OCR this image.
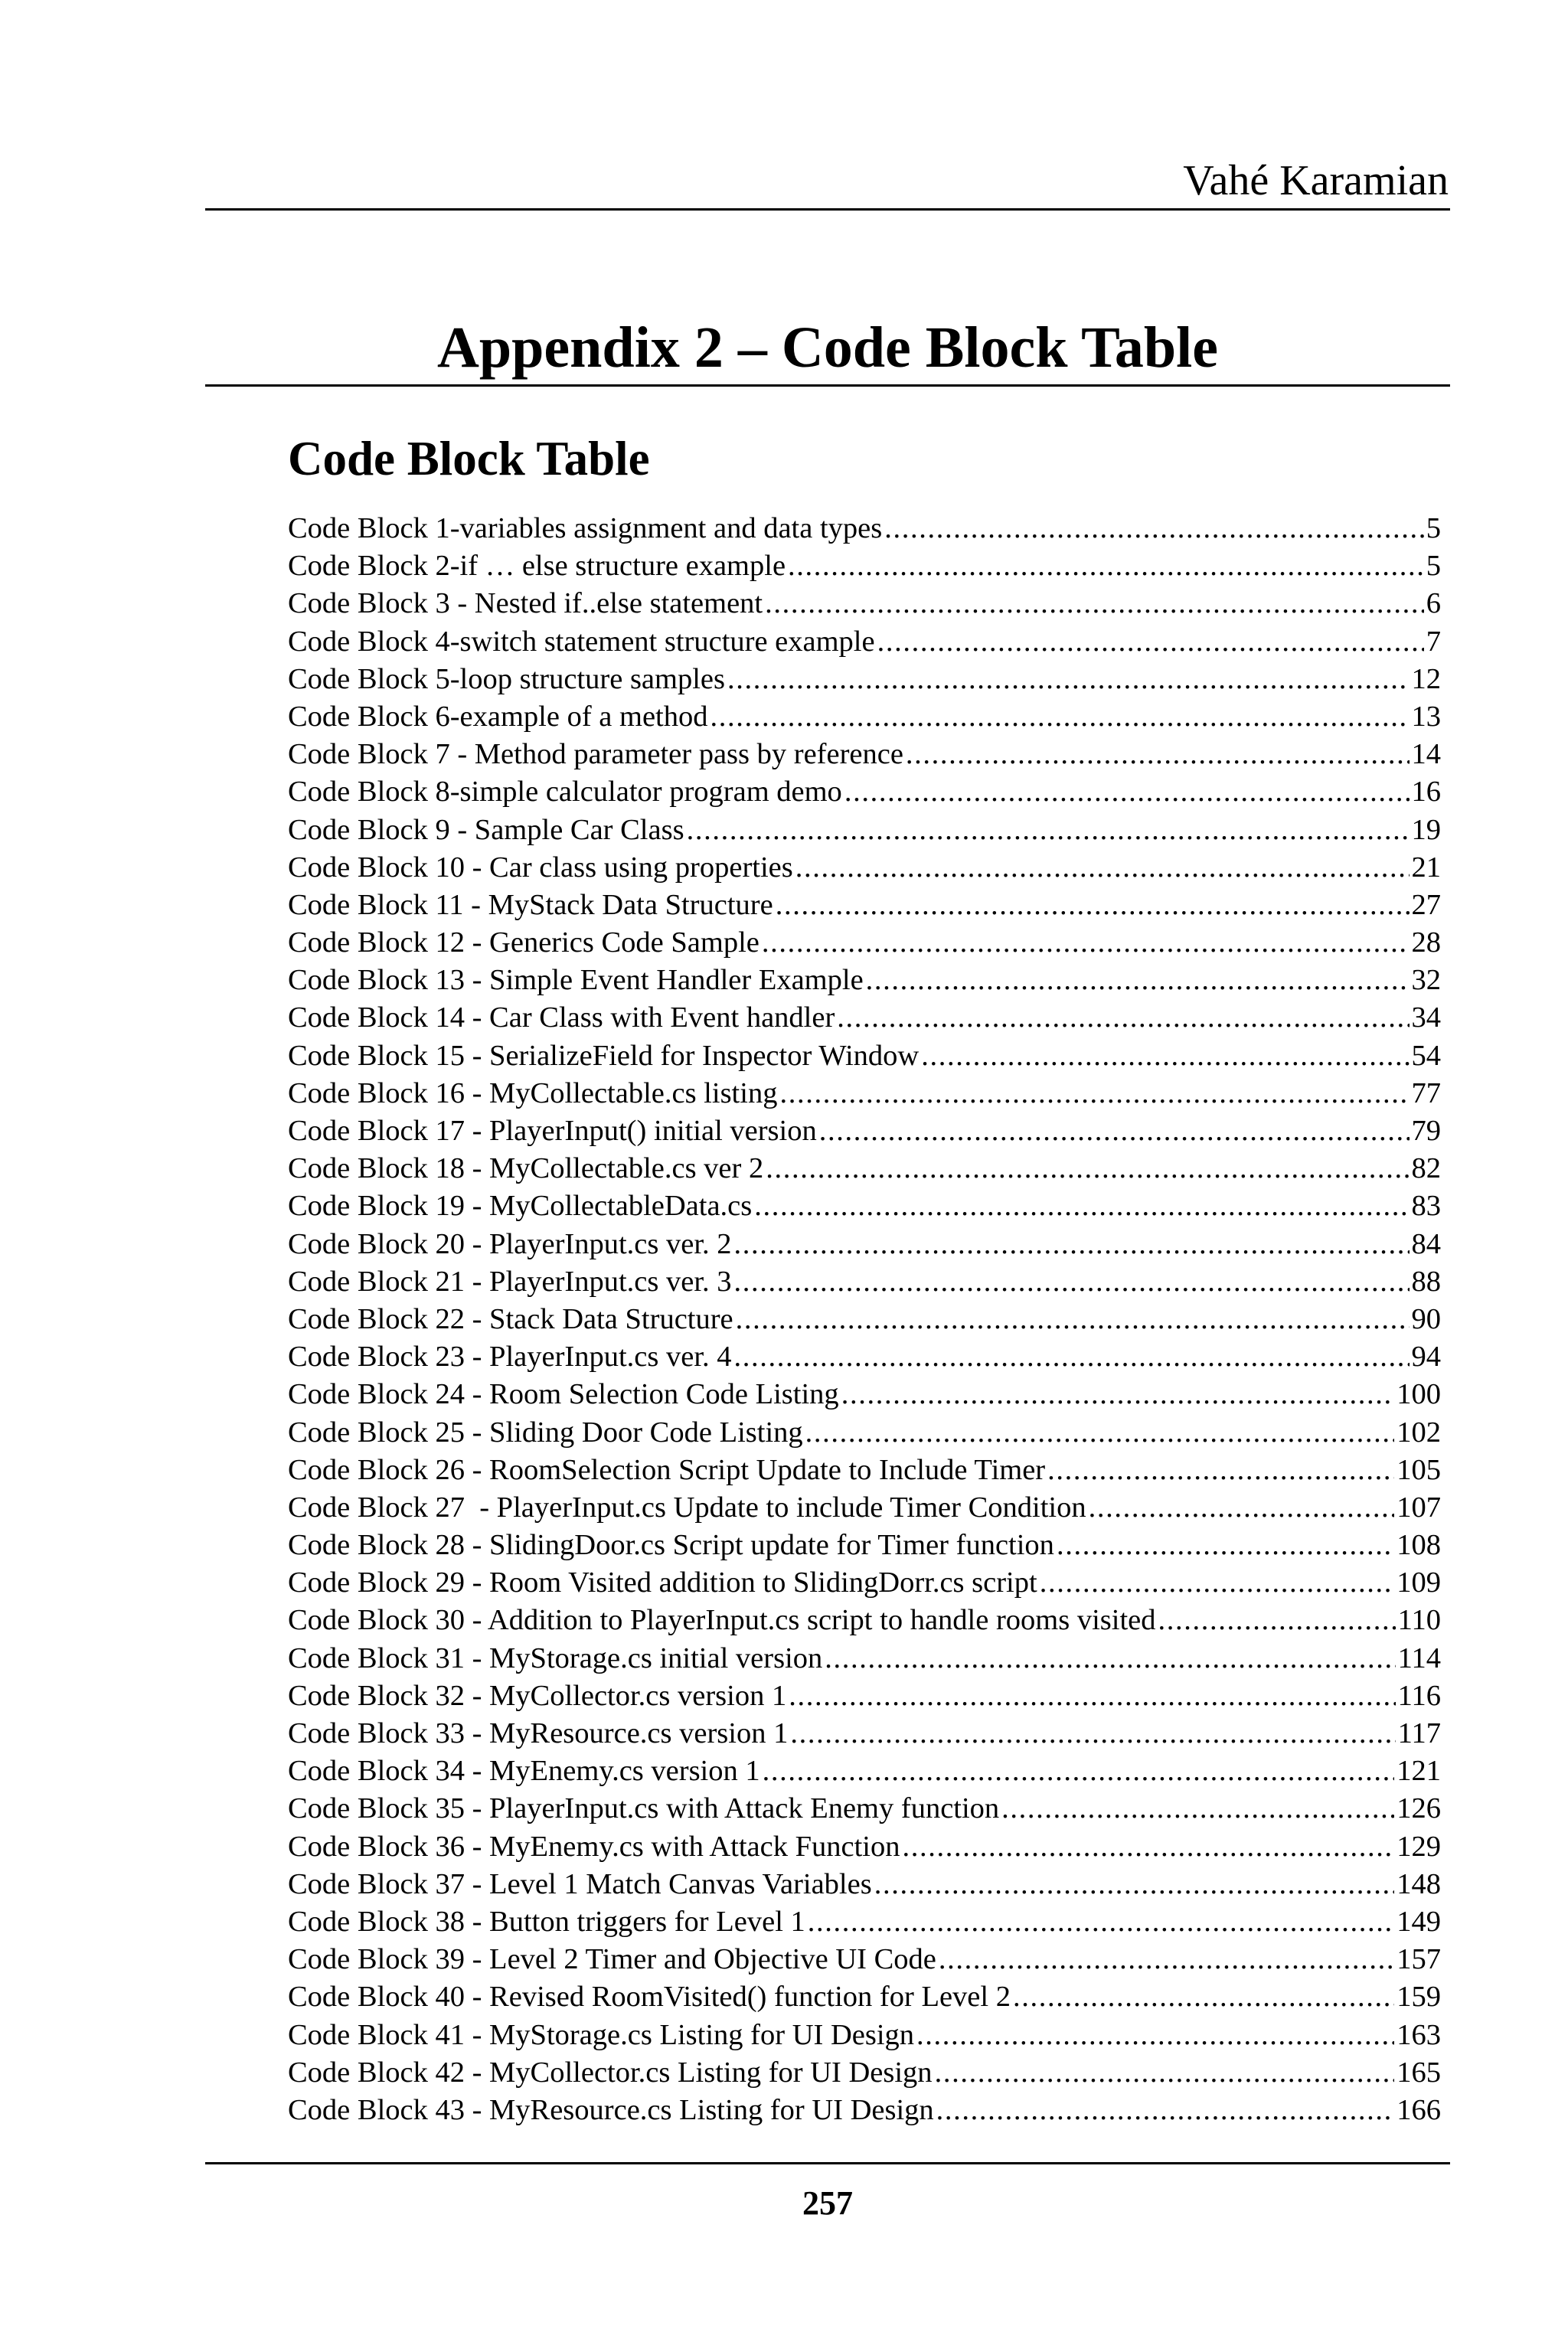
Vahé Karamian
Appendix 2 – Code Block Table
Code Block Table
Code Block 1-variables assignment and data types . . .	5
Code Block 2-if … else structure example . . .	5
Code Block 3 - Nested if..else statement . . .	6
Code Block 4-switch statement structure example . . .	7
Code Block 5-loop structure samples . . .	12
Code Block 6-example of a method . . .	13
Code Block 7 - Method parameter pass by reference . . .	14
Code Block 8-simple calculator program demo . . .	16
Code Block 9 - Sample Car Class . . .	19
Code Block 10 - Car class using properties . . .	21
Code Block 11 - MyStack Data Structure . . .	27
Code Block 12 - Generics Code Sample . . .	28
Code Block 13 - Simple Event Handler Example . . .	32
Code Block 14 - Car Class with Event handler . . .	34
Code Block 15 - SerializeField for Inspector Window . . .	54
Code Block 16 - MyCollectable.cs listing . . .	77
Code Block 17 - PlayerInput() initial version . . .	79
Code Block 18 - MyCollectable.cs ver 2 . . .	82
Code Block 19 - MyCollectableData.cs . . .	83
Code Block 20 - PlayerInput.cs ver. 2 . . .	84
Code Block 21 - PlayerInput.cs ver. 3 . . .	88
Code Block 22 - Stack Data Structure . . .	90
Code Block 23 - PlayerInput.cs ver. 4 . . .	94
Code Block 24 - Room Selection Code Listing . . .	100
Code Block 25 - Sliding Door Code Listing . . .	102
Code Block 26 - RoomSelection Script Update to Include Timer . . .	105
Code Block 27  - PlayerInput.cs Update to include Timer Condition . . .	107
Code Block 28 - SlidingDoor.cs Script update for Timer function . . .	108
Code Block 29 - Room Visited addition to SlidingDorr.cs script . . .	109
Code Block 30 - Addition to PlayerInput.cs script to handle rooms visited . . .	110
Code Block 31 - MyStorage.cs initial version . . .	114
Code Block 32 - MyCollector.cs version 1 . . .	116
Code Block 33 - MyResource.cs version 1 . . .	117
Code Block 34 - MyEnemy.cs version 1 . . .	121
Code Block 35 - PlayerInput.cs with Attack Enemy function . . .	126
Code Block 36 - MyEnemy.cs with Attack Function . . .	129
Code Block 37 - Level 1 Match Canvas Variables . . .	148
Code Block 38 - Button triggers for Level 1 . . .	149
Code Block 39 - Level 2 Timer and Objective UI Code . . .	157
Code Block 40 - Revised RoomVisited() function for Level 2 . . .	159
Code Block 41 - MyStorage.cs Listing for UI Design . . .	163
Code Block 42 - MyCollector.cs Listing for UI Design . . .	165
Code Block 43 - MyResource.cs Listing for UI Design . . .	166
257
